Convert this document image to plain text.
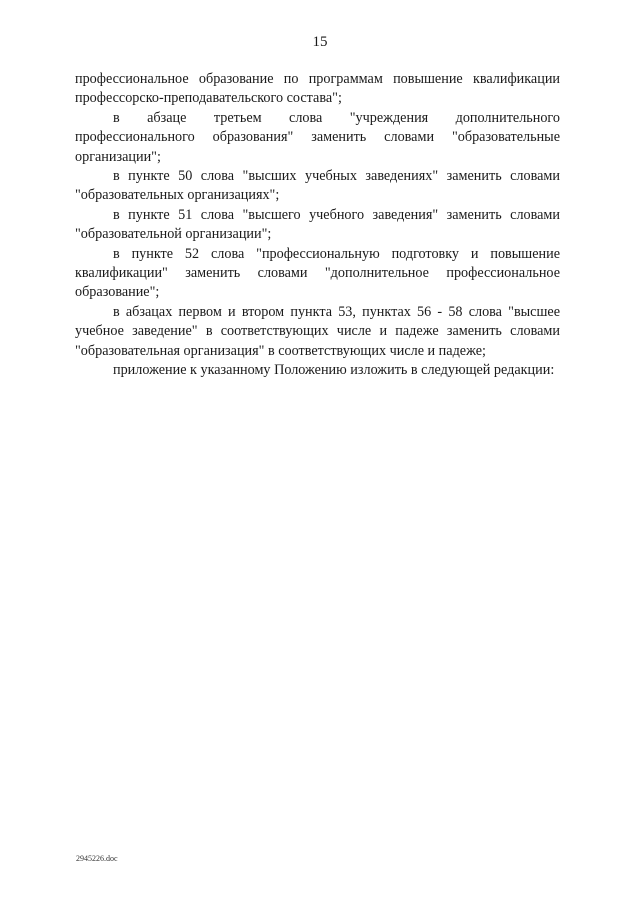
15

профессиональное образование по программам повышение квалификации профессорско-преподавательского состава";

в абзаце третьем слова "учреждения дополнительного профессионального образования" заменить словами "образовательные организации";

в пункте 50 слова "высших учебных заведениях" заменить словами "образовательных организациях";

в пункте 51 слова "высшего учебного заведения" заменить словами "образовательной организации";

в пункте 52 слова "профессиональную подготовку и повышение квалификации" заменить словами "дополнительное профессиональное образование";

в абзацах первом и втором пункта 53, пунктах 56 - 58 слова "высшее учебное заведение" в соответствующих числе и падеже заменить словами "образовательная организация" в соответствующих числе и падеже;

приложение к указанному Положению изложить в следующей редакции:

2945226.doc
